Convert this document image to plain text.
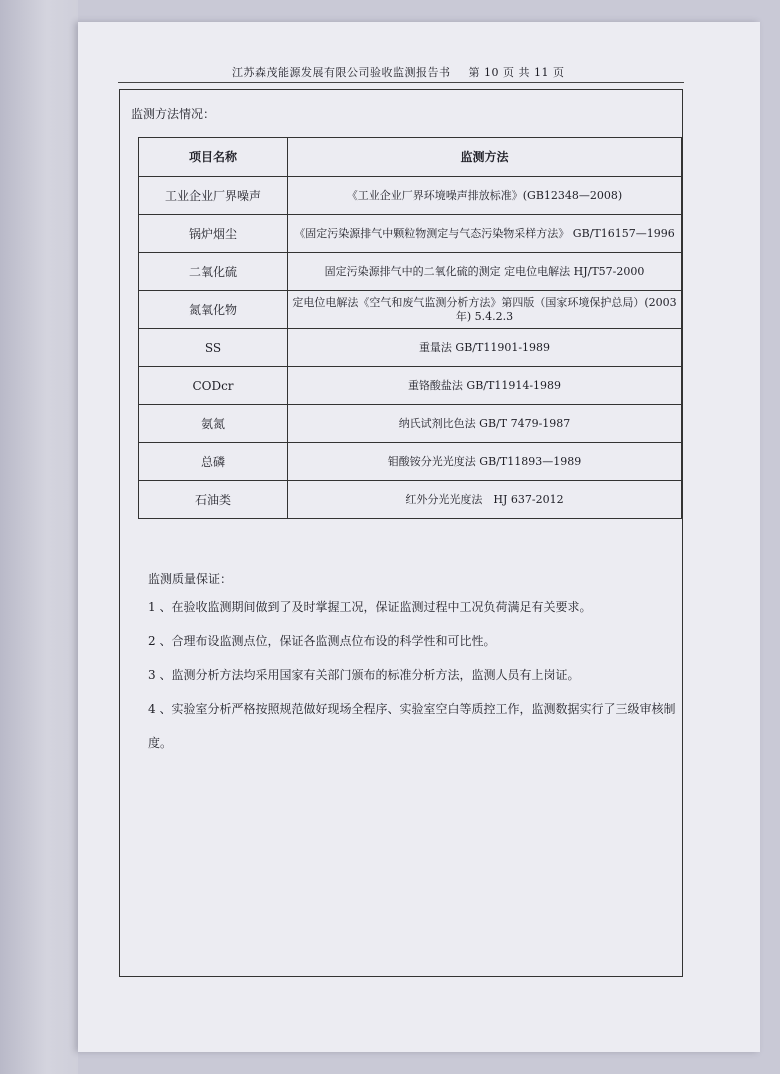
江苏森茂能源发展有限公司验收监测报告书 第 10 页 共 11 页
监测方法情况：
项目名称	监测方法
工业企业厂界噪声	《工业企业厂界环境噪声排放标准》(GB12348—2008)
锅炉烟尘	《固定污染源排气中颗粒物测定与气态污染物采样方法》 GB/T16157—1996
二氧化硫	固定污染源排气中的二氧化硫的测定 定电位电解法 HJ/T57-2000
氮氧化物	定电位电解法《空气和废气监测分析方法》第四版（国家环境保护总局）(2003 年) 5.4.2.3
SS	重量法 GB/T11901-1989
CODcr	重铬酸盐法 GB/T11914-1989
氨氮	纳氏试剂比色法 GB/T 7479-1987
总磷	钼酸铵分光光度法 GB/T11893—1989
石油类	红外分光光度法　HJ 637-2012
监测质量保证：
1 、在验收监测期间做到了及时掌握工况，保证监测过程中工况负荷满足有关要求。
2 、合理布设监测点位，保证各监测点位布设的科学性和可比性。
3 、监测分析方法均采用国家有关部门颁布的标准分析方法，监测人员有上岗证。
4 、实验室分析严格按照规范做好现场全程序、实验室空白等质控工作，监测数据实行了三级审核制度。
